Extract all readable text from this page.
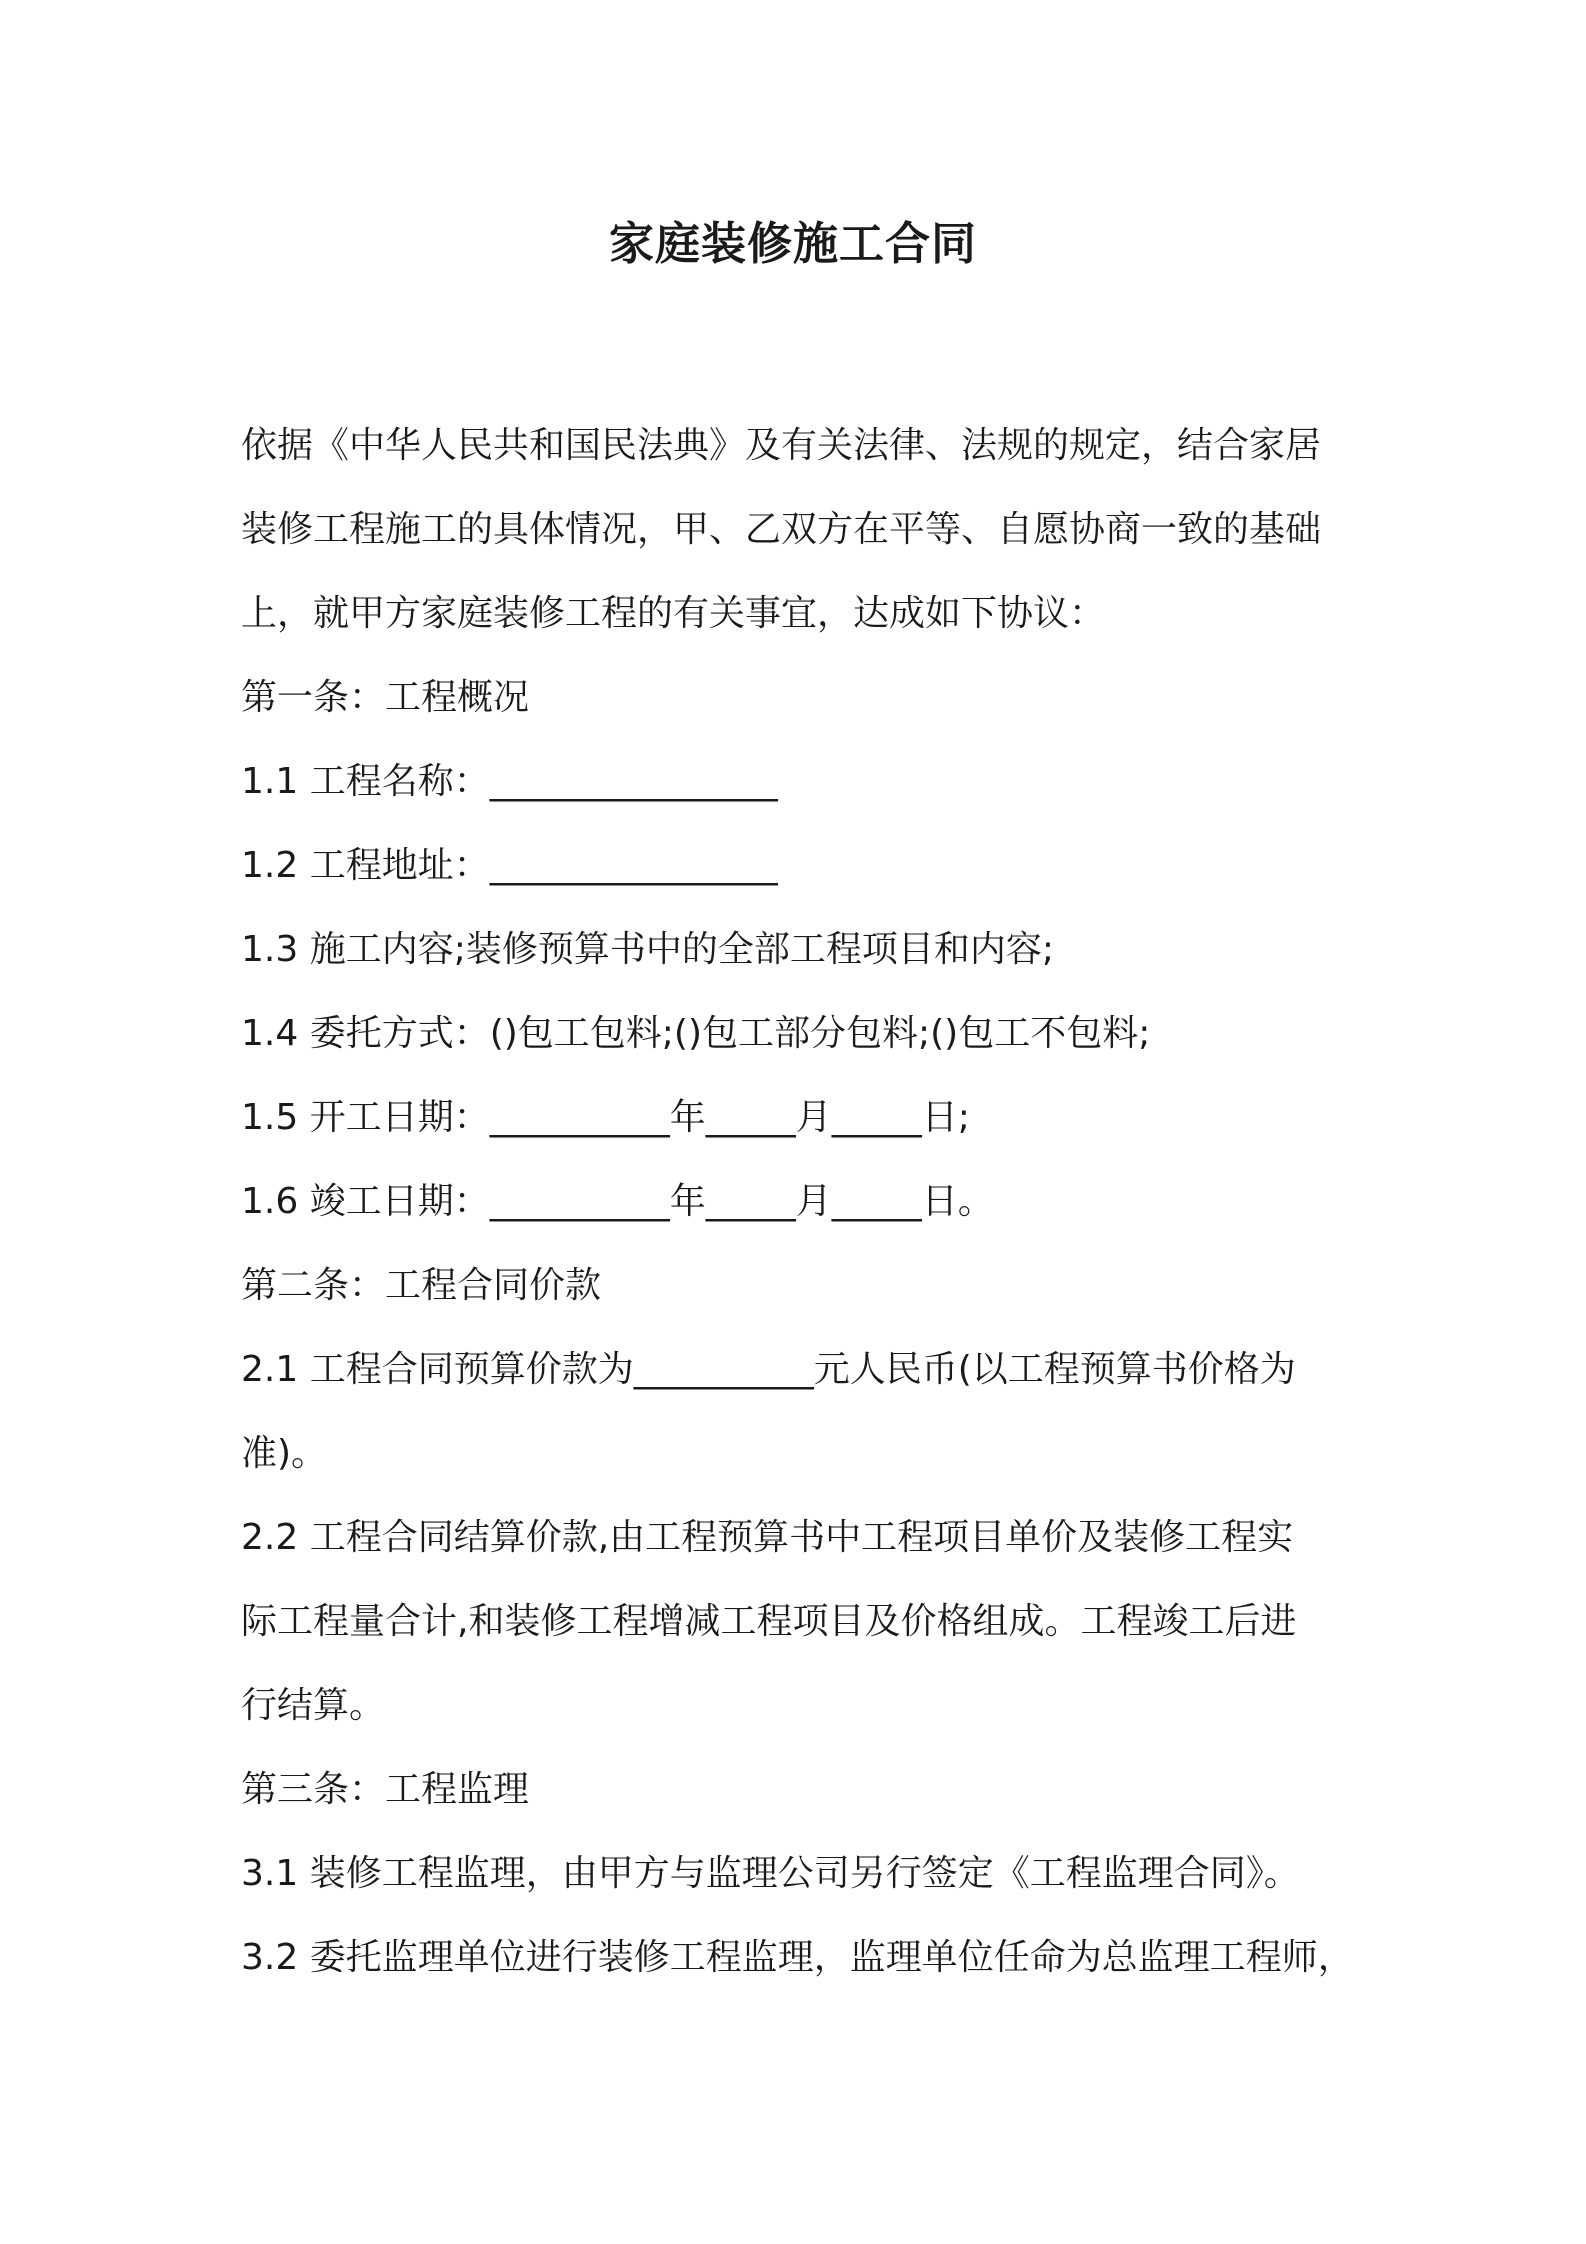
家庭装修施工合同
依据《中华人民共和国民法典》及有关法律、法规的规定，结合家居
装修工程施工的具体情况，甲、乙双方在平等、自愿协商一致的基础
上，就甲方家庭装修工程的有关事宜，达成如下协议：
第一条：工程概况
1.1 工程名称：________________
1.2 工程地址：________________
1.3 施工内容;装修预算书中的全部工程项目和内容;
1.4 委托方式：()包工包料;()包工部分包料;()包工不包料;
1.5 开工日期：__________年_____月_____日;
1.6 竣工日期：__________年_____月_____日。
第二条：工程合同价款
2.1 工程合同预算价款为__________元人民币(以工程预算书价格为
准)。
2.2 工程合同结算价款,由工程预算书中工程项目单价及装修工程实
际工程量合计,和装修工程增减工程项目及价格组成。工程竣工后进
行结算。
第三条：工程监理
3.1 装修工程监理，由甲方与监理公司另行签定《工程监理合同》。
3.2 委托监理单位进行装修工程监理，监理单位任命为总监理工程师，
